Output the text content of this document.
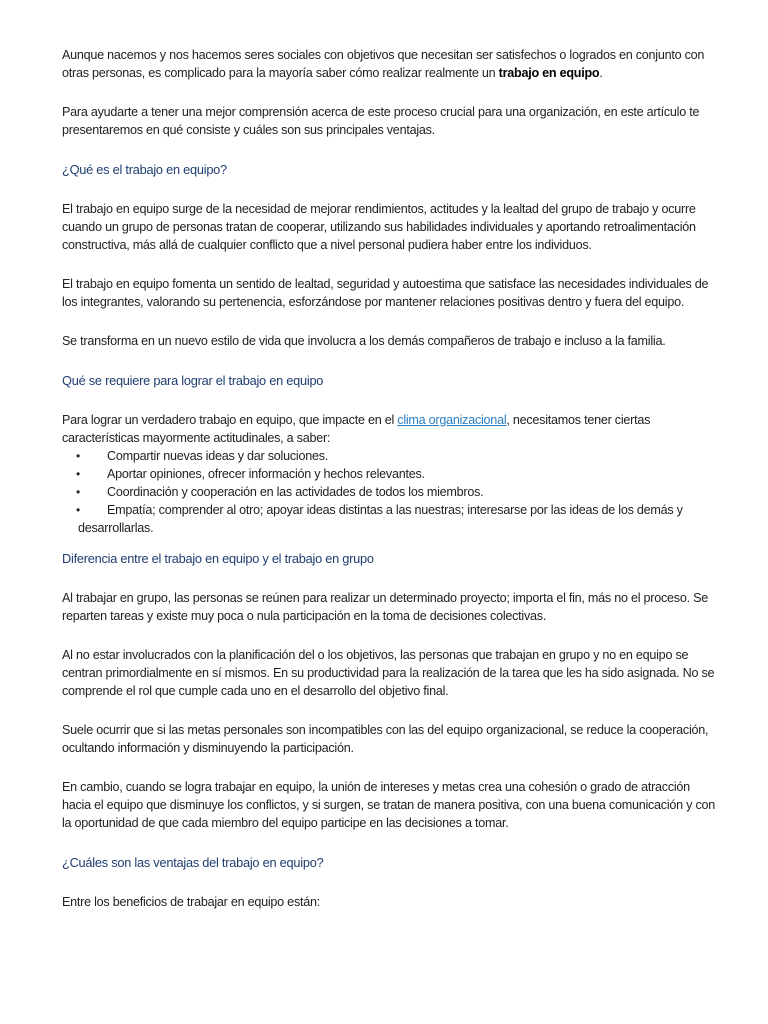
Aunque nacemos y nos hacemos seres sociales con objetivos que necesitan ser satisfechos o logrados en conjunto con otras personas, es complicado para la mayoría saber cómo realizar realmente un trabajo en equipo.

Para ayudarte a tener una mejor comprensión acerca de este proceso crucial para una organización, en este artículo te presentaremos en qué consiste y cuáles son sus principales ventajas.

¿Qué es el trabajo en equipo?

El trabajo en equipo surge de la necesidad de mejorar rendimientos, actitudes y la lealtad del grupo de trabajo y ocurre cuando un grupo de personas tratan de cooperar, utilizando sus habilidades individuales y aportando retroalimentación constructiva, más allá de cualquier conflicto que a nivel personal pudiera haber entre los individuos.

El trabajo en equipo fomenta un sentido de lealtad, seguridad y autoestima que satisface las necesidades individuales de los integrantes, valorando su pertenencia, esforzándose por mantener relaciones positivas dentro y fuera del equipo.

Se transforma en un nuevo estilo de vida que involucra a los demás compañeros de trabajo e incluso a la familia.

Qué se requiere para lograr el trabajo en equipo

Para lograr un verdadero trabajo en equipo, que impacte en el clima organizacional, necesitamos tener ciertas características mayormente actitudinales, a saber:

• Compartir nuevas ideas y dar soluciones.
• Aportar opiniones, ofrecer información y hechos relevantes.
• Coordinación y cooperación en las actividades de todos los miembros.
• Empatía; comprender al otro; apoyar ideas distintas a las nuestras; interesarse por las ideas de los demás y desarrollarlas.

Diferencia entre el trabajo en equipo y el trabajo en grupo

Al trabajar en grupo, las personas se reúnen para realizar un determinado proyecto; importa el fin, más no el proceso. Se reparten tareas y existe muy poca o nula participación en la toma de decisiones colectivas.

Al no estar involucrados con la planificación del o los objetivos, las personas que trabajan en grupo y no en equipo se centran primordialmente en sí mismos. En su productividad para la realización de la tarea que les ha sido asignada. No se comprende el rol que cumple cada uno en el desarrollo del objetivo final.

Suele ocurrir que si las metas personales son incompatibles con las del equipo organizacional, se reduce la cooperación, ocultando información y disminuyendo la participación.

En cambio, cuando se logra trabajar en equipo, la unión de intereses y metas crea una cohesión o grado de atracción hacia el equipo que disminuye los conflictos, y si surgen, se tratan de manera positiva, con una buena comunicación y con la oportunidad de que cada miembro del equipo participe en las decisiones a tomar.

¿Cuáles son las ventajas del trabajo en equipo?

Entre los beneficios de trabajar en equipo están:
